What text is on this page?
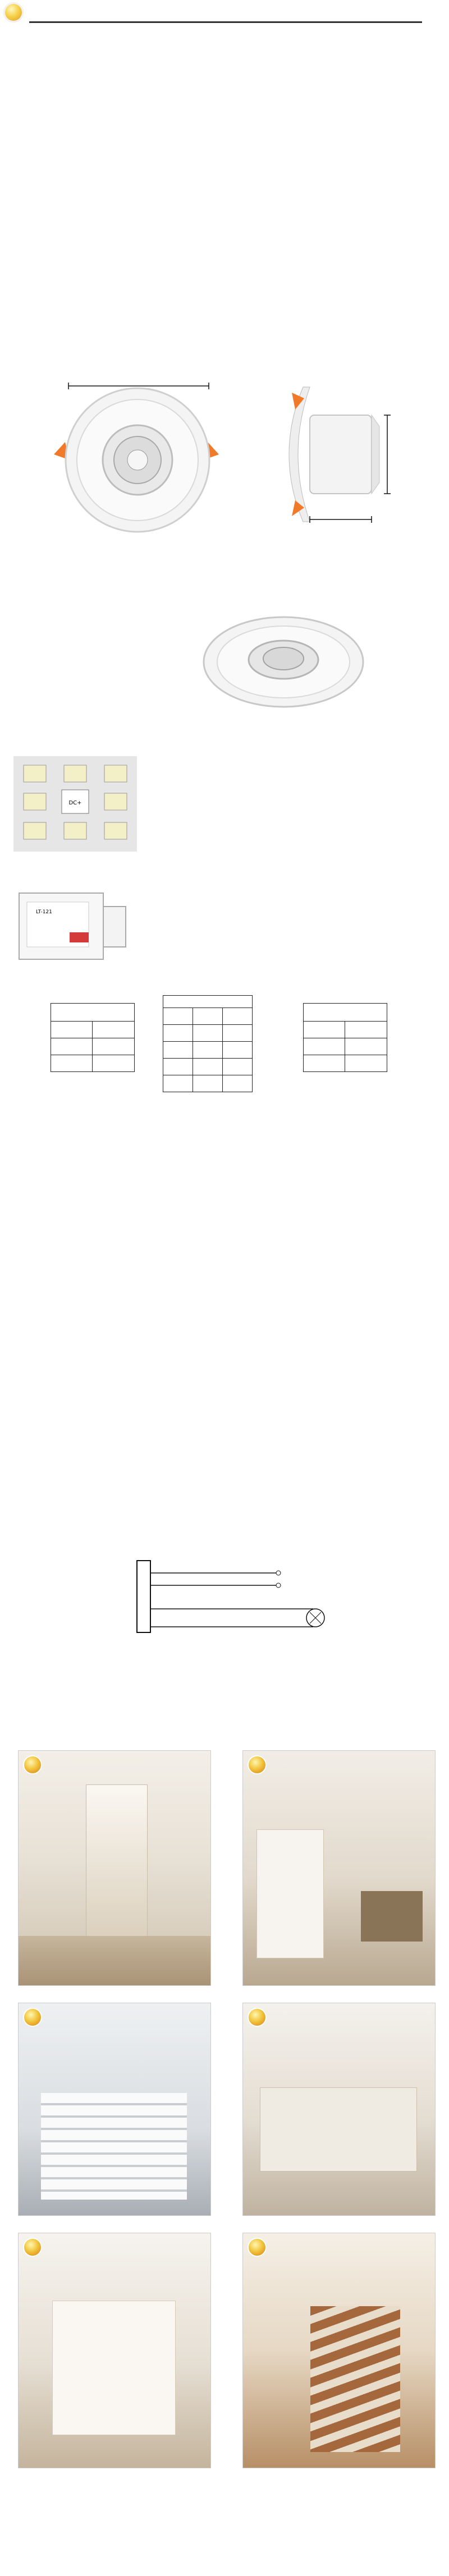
DC+
LT-121
